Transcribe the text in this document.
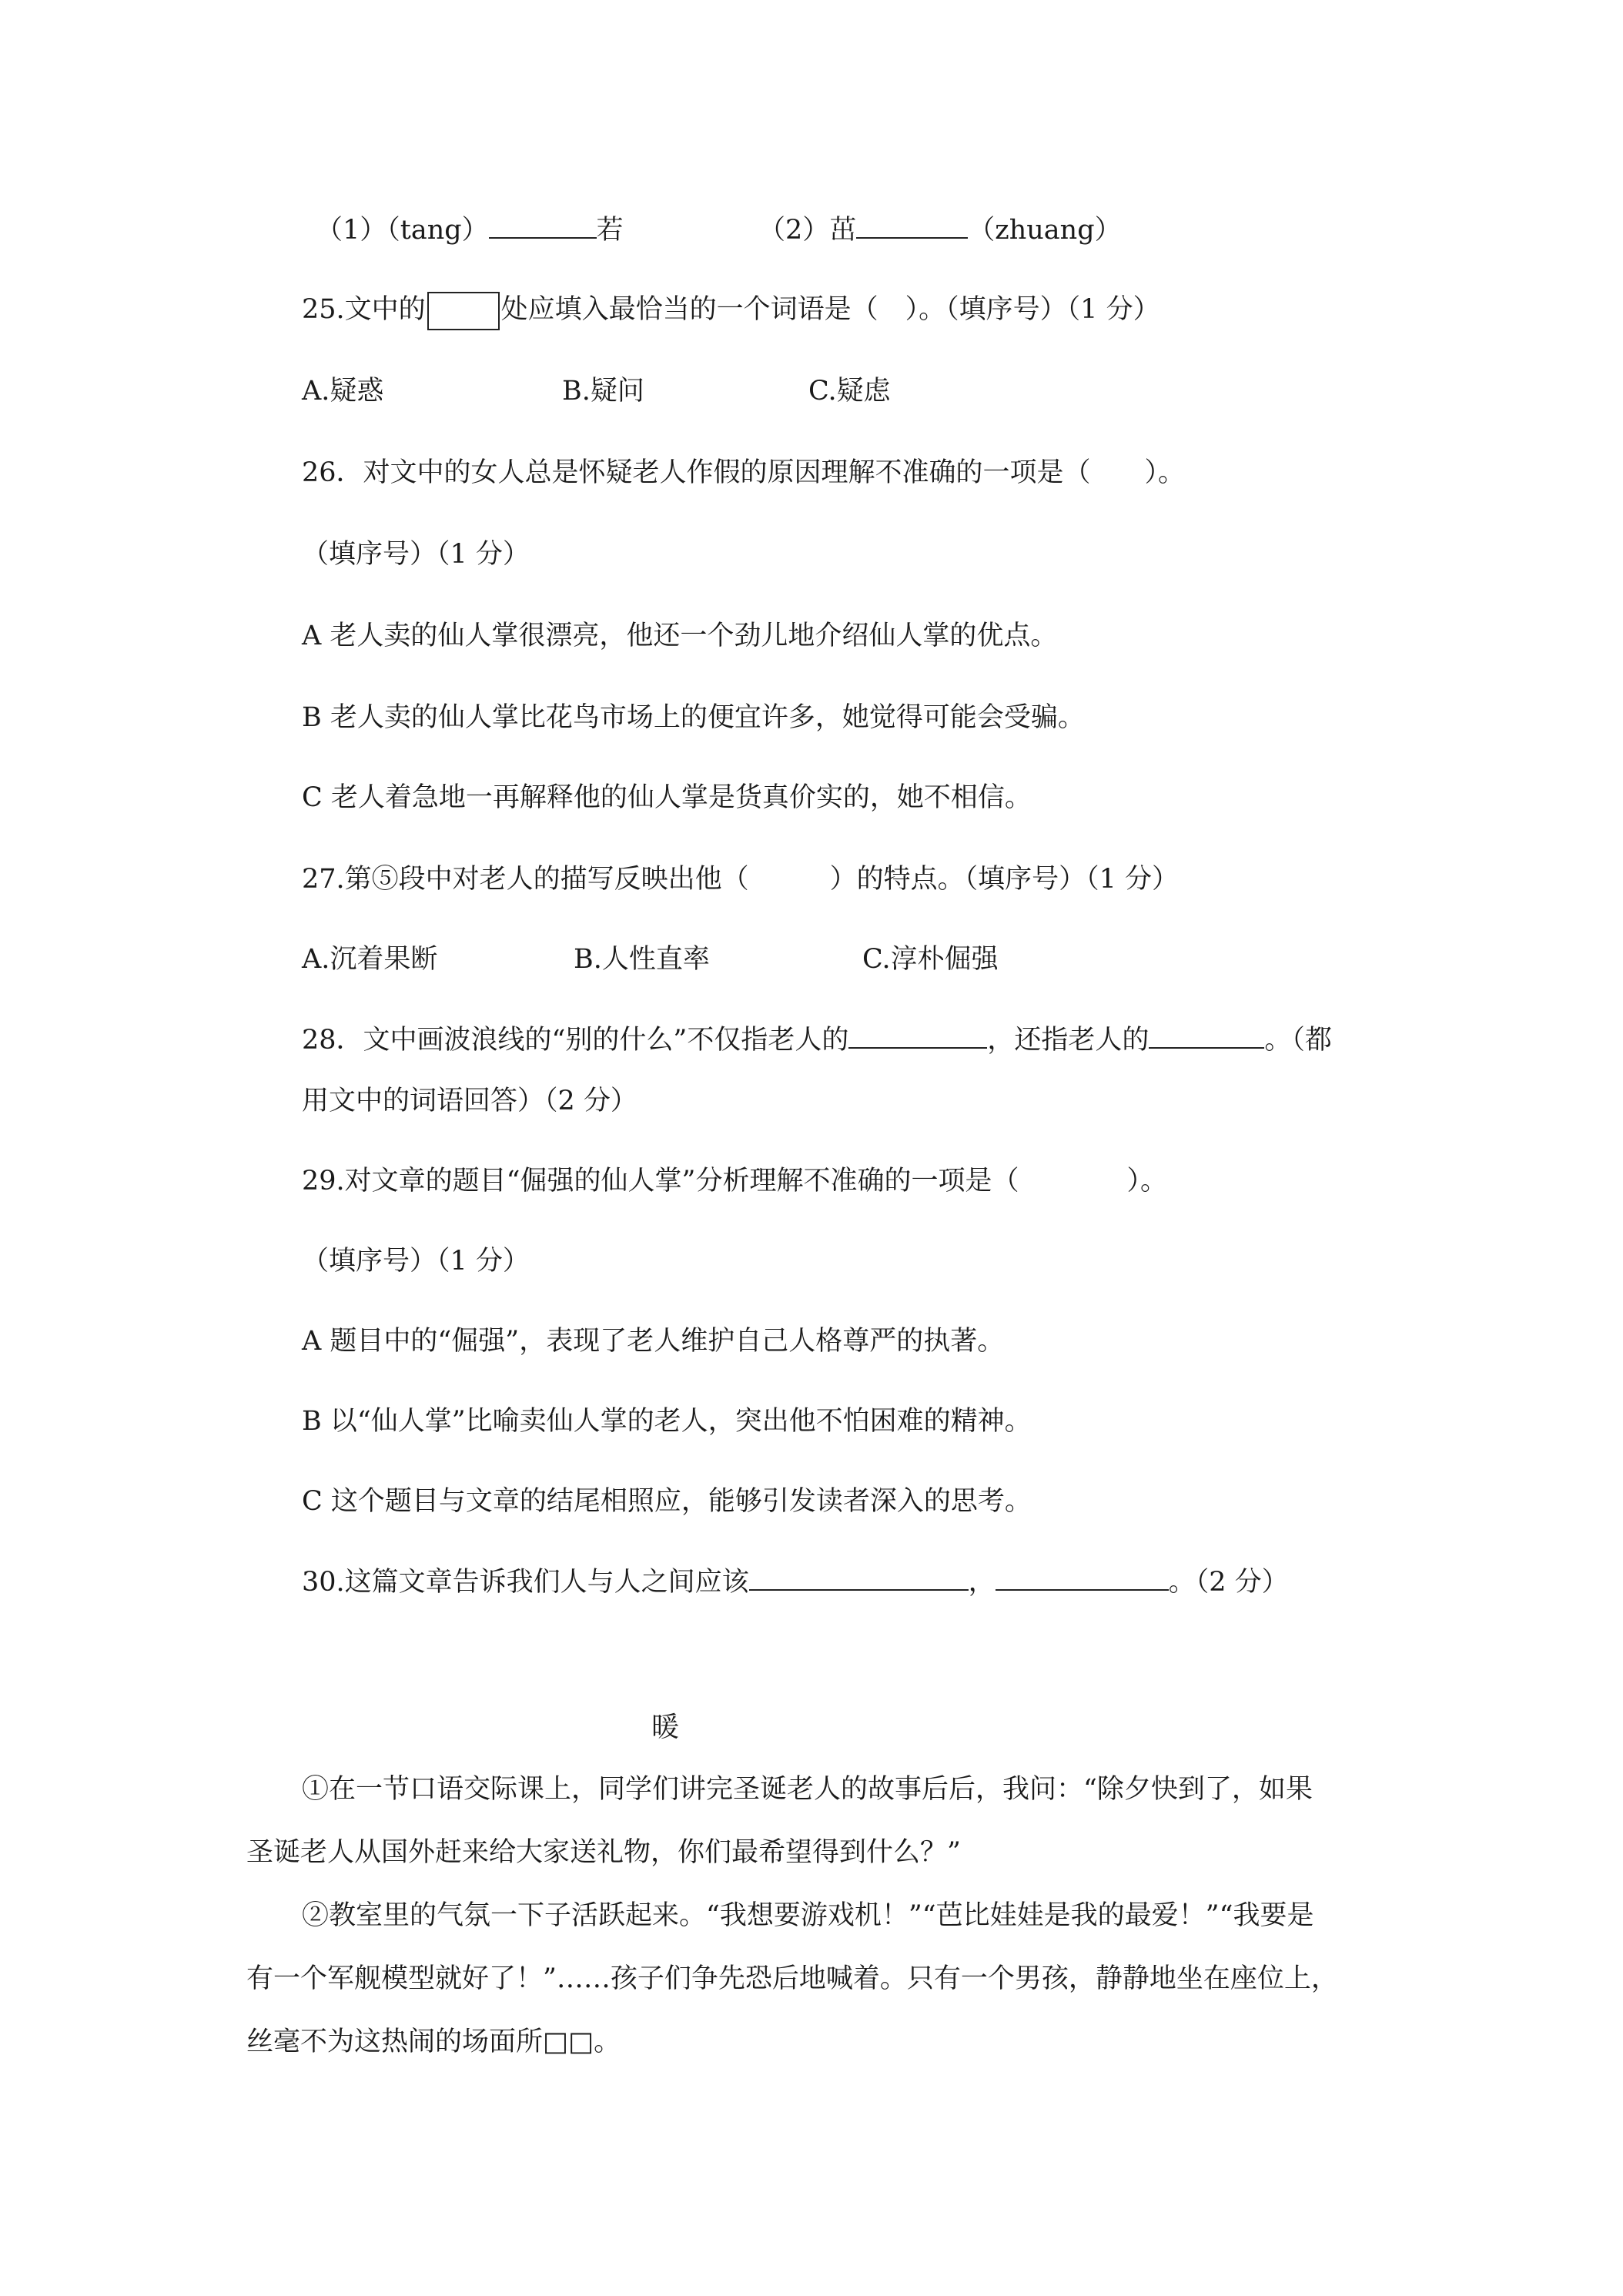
（1）（tang）	若	（2）茁	（zhuang）
25.文中的	处应填入最恰当的一个词语是（　）。（填序号）（1 分）
A.疑惑	B.疑问	C.疑虑
26．对文中的女人总是怀疑老人作假的原因理解不准确的一项是（　　）。
（填序号）（1 分）
A 老人卖的仙人掌很漂亮，他还一个劲儿地介绍仙人掌的优点。
B 老人卖的仙人掌比花鸟市场上的便宜许多，她觉得可能会受骗。
C 老人着急地一再解释他的仙人掌是货真价实的，她不相信。
27.第⑤段中对老人的描写反映出他（　　　）的特点。（填序号）（1 分）
A.沉着果断	B.人性直率	C.淳朴倔强
28．文中画波浪线的“别的什么”不仅指老人的	，还指老人的	。（都
用文中的词语回答）（2 分）
29.对文章的题目“倔强的仙人掌”分析理解不准确的一项是（　　　　）。
（填序号）（1 分）
A 题目中的“倔强”，表现了老人维护自己人格尊严的执著。
B 以“仙人掌”比喻卖仙人掌的老人，突出他不怕困难的精神。
C 这个题目与文章的结尾相照应，能够引发读者深入的思考。
30.这篇文章告诉我们人与人之间应该	，	。（2 分）
暖
①在一节口语交际课上，同学们讲完圣诞老人的故事后后，我问：“除夕快到了，如果
圣诞老人从国外赶来给大家送礼物，你们最希望得到什么？”
②教室里的气氛一下子活跃起来。“我想要游戏机！”“芭比娃娃是我的最爱！”“我要是
有一个军舰模型就好了！”……孩子们争先恐后地喊着。只有一个男孩，静静地坐在座位上，
丝毫不为这热闹的场面所□□。
